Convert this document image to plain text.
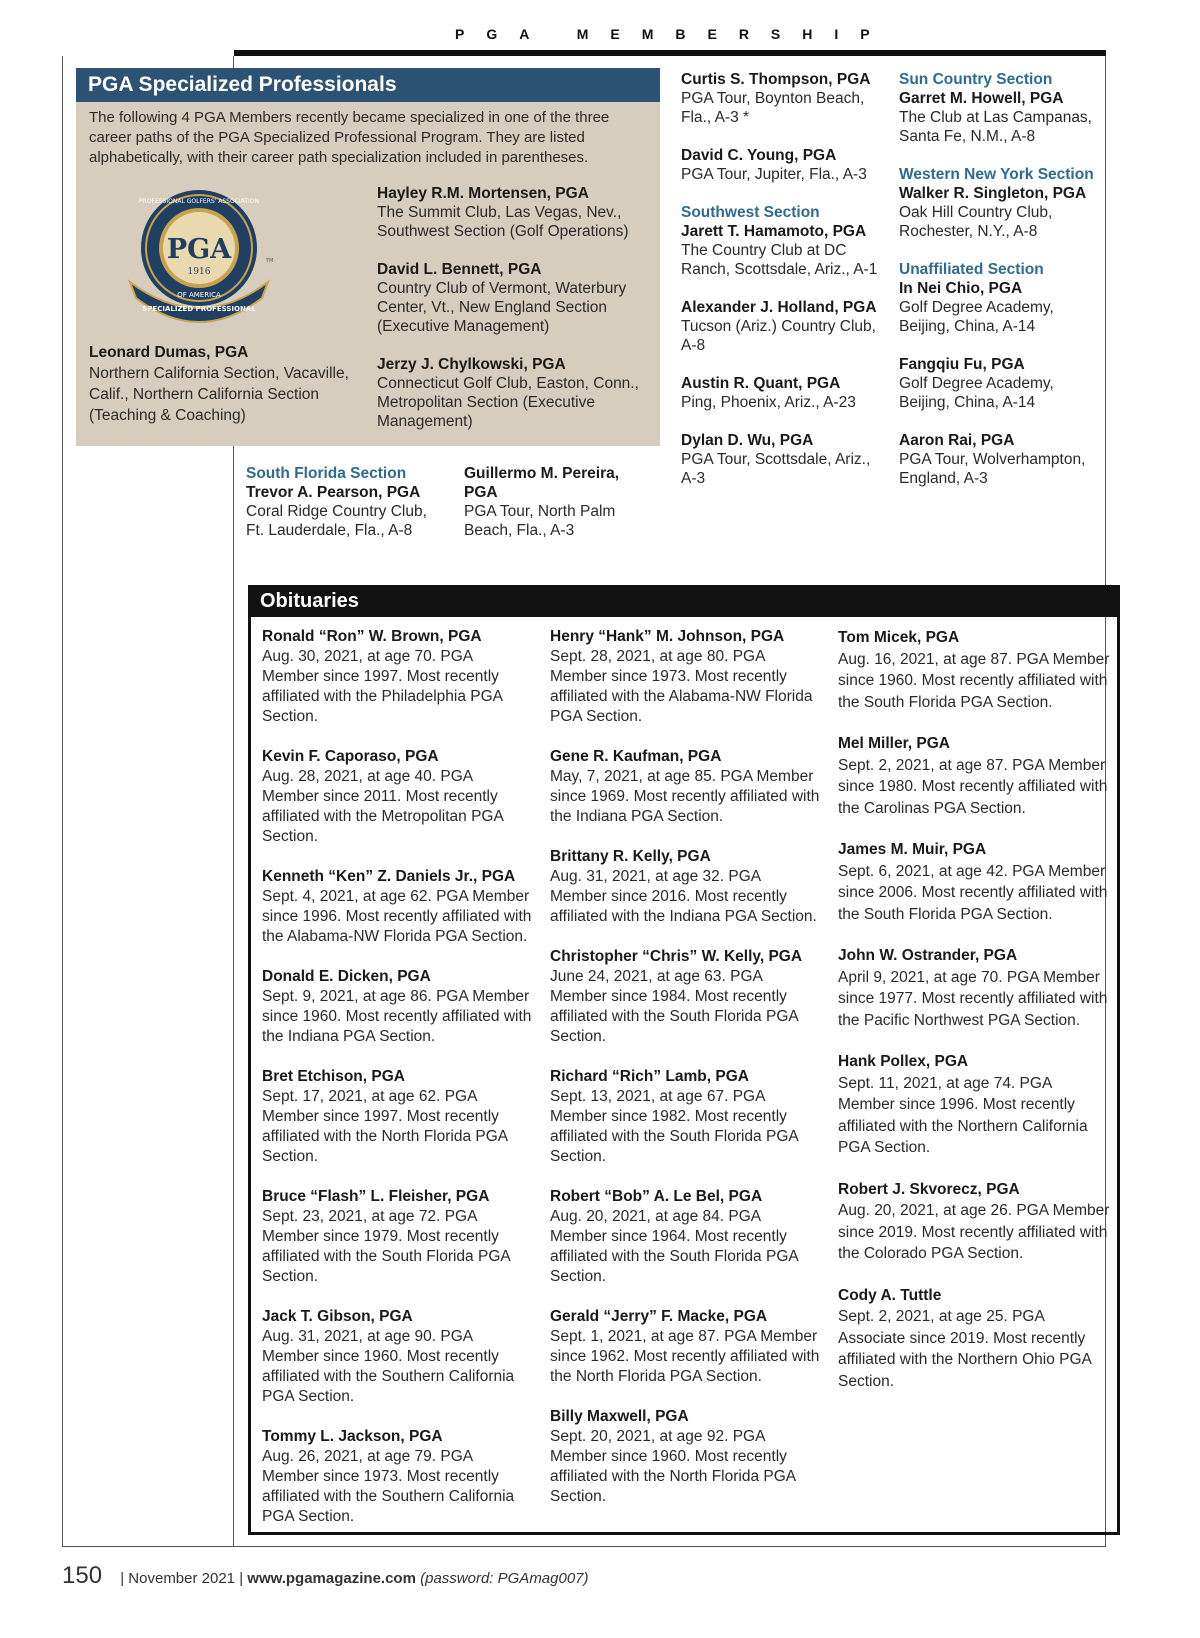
PGA MEMBERSHIP
PGA Specialized Professionals
The following 4 PGA Members recently became specialized in one of the three career paths of the PGA Specialized Professional Program. They are listed alphabetically, with their career path specialization included in parentheses.
PGA
1916
PROFESSIONAL GOLFERS' ASSOCIATION
OF AMERICA
SPECIALIZED PROFESSIONAL
TM
Leonard Dumas, PGA
Northern California Section, Vacaville, Calif., Northern California Section (Teaching & Coaching)
Hayley R.M. Mortensen, PGA
The Summit Club, Las Vegas, Nev., Southwest Section (Golf Operations)
David L. Bennett, PGA
Country Club of Vermont, Waterbury Center, Vt., New England Section (Executive Management)
Jerzy J. Chylkowski, PGA
Connecticut Golf Club, Easton, Conn., Metropolitan Section (Executive Management)
South Florida Section
Trevor A. Pearson, PGA
Coral Ridge Country Club, Ft. Lauderdale, Fla., A-8
Guillermo M. Pereira, PGA
PGA Tour, North Palm Beach, Fla., A-3
Curtis S. Thompson, PGA
PGA Tour, Boynton Beach, Fla., A-3 *
David C. Young, PGA
PGA Tour, Jupiter, Fla., A-3
Southwest Section
Jarett T. Hamamoto, PGA
The Country Club at DC Ranch, Scottsdale, Ariz., A-1
Alexander J. Holland, PGA
Tucson (Ariz.) Country Club, A-8
Austin R. Quant, PGA
Ping, Phoenix, Ariz., A-23
Dylan D. Wu, PGA
PGA Tour, Scottsdale, Ariz., A-3
Sun Country Section
Garret M. Howell, PGA
The Club at Las Campanas, Santa Fe, N.M., A-8
Western New York Section
Walker R. Singleton, PGA
Oak Hill Country Club, Rochester, N.Y., A-8
Unaffiliated Section
In Nei Chio, PGA
Golf Degree Academy, Beijing, China, A-14
Fangqiu Fu, PGA
Golf Degree Academy, Beijing, China, A-14
Aaron Rai, PGA
PGA Tour, Wolverhampton, England, A-3
Obituaries
Ronald “Ron” W. Brown, PGA
Aug. 30, 2021, at age 70. PGA Member since 1997. Most recently affiliated with the Philadelphia PGA Section.
Kevin F. Caporaso, PGA
Aug. 28, 2021, at age 40. PGA Member since 2011. Most recently affiliated with the Metropolitan PGA Section.
Kenneth “Ken” Z. Daniels Jr., PGA
Sept. 4, 2021, at age 62. PGA Member since 1996. Most recently affiliated with the Alabama-NW Florida PGA Section.
Donald E. Dicken, PGA
Sept. 9, 2021, at age 86. PGA Member since 1960. Most recently affiliated with the Indiana PGA Section.
Bret Etchison, PGA
Sept. 17, 2021, at age 62. PGA Member since 1997. Most recently affiliated with the North Florida PGA Section.
Bruce “Flash” L. Fleisher, PGA
Sept. 23, 2021, at age 72. PGA Member since 1979. Most recently affiliated with the South Florida PGA Section.
Jack T. Gibson, PGA
Aug. 31, 2021, at age 90. PGA Member since 1960. Most recently affiliated with the Southern California PGA Section.
Tommy L. Jackson, PGA
Aug. 26, 2021, at age 79. PGA Member since 1973. Most recently affiliated with the Southern California PGA Section.
Henry “Hank” M. Johnson, PGA
Sept. 28, 2021, at age 80. PGA Member since 1973. Most recently affiliated with the Alabama-NW Florida PGA Section.
Gene R. Kaufman, PGA
May, 7, 2021, at age 85. PGA Member since 1969. Most recently affiliated with the Indiana PGA Section.
Brittany R. Kelly, PGA
Aug. 31, 2021, at age 32. PGA Member since 2016. Most recently affiliated with the Indiana PGA Section.
Christopher “Chris” W. Kelly, PGA
June 24, 2021, at age 63. PGA Member since 1984. Most recently affiliated with the South Florida PGA Section.
Richard “Rich” Lamb, PGA
Sept. 13, 2021, at age 67. PGA Member since 1982. Most recently affiliated with the South Florida PGA Section.
Robert “Bob” A. Le Bel, PGA
Aug. 20, 2021, at age 84. PGA Member since 1964. Most recently affiliated with the South Florida PGA Section.
Gerald “Jerry” F. Macke, PGA
Sept. 1, 2021, at age 87. PGA Member since 1962. Most recently affiliated with the North Florida PGA Section.
Billy Maxwell, PGA
Sept. 20, 2021, at age 92. PGA Member since 1960. Most recently affiliated with the North Florida PGA Section.
Tom Micek, PGA
Aug. 16, 2021, at age 87. PGA Member since 1960. Most recently affiliated with the South Florida PGA Section.
Mel Miller, PGA
Sept. 2, 2021, at age 87. PGA Member since 1980. Most recently affiliated with the Carolinas PGA Section.
James M. Muir, PGA
Sept. 6, 2021, at age 42. PGA Member since 2006. Most recently affiliated with the South Florida PGA Section.
John W. Ostrander, PGA
April 9, 2021, at age 70. PGA Member since 1977. Most recently affiliated with the Pacific Northwest PGA Section.
Hank Pollex, PGA
Sept. 11, 2021, at age 74. PGA Member since 1996. Most recently affiliated with the Northern California PGA Section.
Robert J. Skvorecz, PGA
Aug. 20, 2021, at age 26. PGA Member since 2019. Most recently affiliated with the Colorado PGA Section.
Cody A. Tuttle
Sept. 2, 2021, at age 25. PGA Associate since 2019. Most recently affiliated with the Northern Ohio PGA Section.
150 | November 2021 | www.pgamagazine.com (password: PGAmag007)
